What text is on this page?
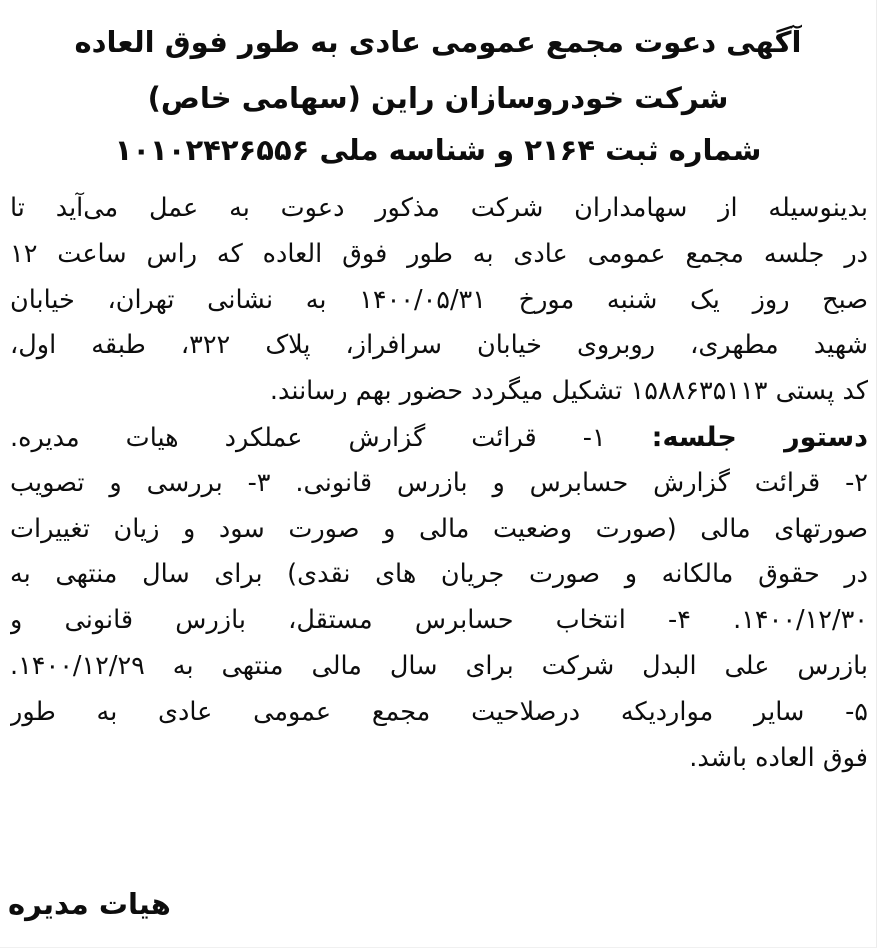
آگهی دعوت مجمع عمومی عادی به طور فوق العاده
شرکت خودروسازان راین (سهامی خاص)
شماره ثبت ۲۱۶۴ و شناسه ملی ۱۰۱۰۲۴۲۶۵۵۶
بدینوسیله از سهامداران شرکت مذکور دعوت به عمل می‌آید تا
در جلسه مجمع عمومی عادی به طور فوق العاده که راس ساعت ۱۲
صبح روز یک شنبه مورخ ۱۴۰۰/۰۵/۳۱ به نشانی تهران، خیابان
شهید مطهری، روبروی خیابان سرافراز، پلاک ۳۲۲، طبقه اول،
کد پستی ۱۵۸۸۶۳۵۱۱۳ تشکیل میگردد حضور بهم رسانند.
دستور جلسه: ۱- قرائت گزارش عملکرد هیات مدیره.
۲- قرائت گزارش حسابرس و بازرس قانونی. ۳- بررسی و تصویب
صورتهای مالی (صورت وضعیت مالی و صورت سود و زیان تغییرات
در حقوق مالکانه و صورت جریان های نقدی) برای سال منتهی به
۱۴۰۰/۱۲/۳۰. ۴- انتخاب حسابرس مستقل، بازرس قانونی و
بازرس علی البدل شرکت برای سال مالی منتهی به ۱۴۰۰/۱۲/۲۹.
۵- سایر مواردیکه درصلاحیت مجمع عمومی عادی به طور
فوق العاده باشد.
هیات مدیره
